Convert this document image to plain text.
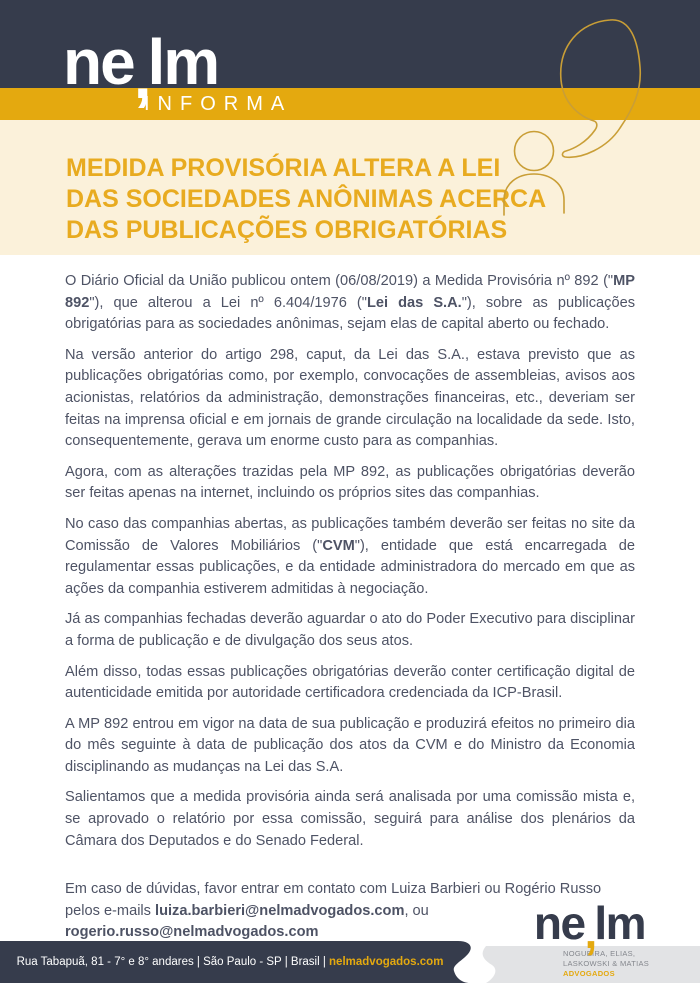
MEDIDA PROVISÓRIA ALTERA A LEI
DAS SOCIEDADES ANÔNIMAS ACERCA
DAS PUBLICAÇÕES OBRIGATÓRIAS
ne,lm
INFORMA

O Diário Oficial da União publicou ontem (06/08/2019) a Medida Provisória nº 892 ("MP 892"), que alterou a Lei nº 6.404/1976 ("Lei das S.A."), sobre as publicações obrigatórias para as sociedades anônimas, sejam elas de capital aberto ou fechado.

Na versão anterior do artigo 298, caput, da Lei das S.A., estava previsto que as publicações obrigatórias como, por exemplo, convocações de assembleias, avisos aos acionistas, relatórios da administração, demonstrações financeiras, etc., deveriam ser feitas na imprensa oficial e em jornais de grande circulação na localidade da sede. Isto, consequentemente, gerava um enorme custo para as companhias.

Agora, com as alterações trazidas pela MP 892, as publicações obrigatórias deverão ser feitas apenas na internet, incluindo os próprios sites das companhias.

No caso das companhias abertas, as publicações também deverão ser feitas no site da Comissão de Valores Mobiliários ("CVM"), entidade que está encarregada de regulamentar essas publicações, e da entidade administradora do mercado em que as ações da companhia estiverem admitidas à negociação.

Já as companhias fechadas deverão aguardar o ato do Poder Executivo para disciplinar a forma de publicação e de divulgação dos seus atos.

Além disso, todas essas publicações obrigatórias deverão conter certificação digital de autenticidade emitida por autoridade certificadora credenciada da ICP-Brasil.

A MP 892 entrou em vigor na data de sua publicação e produzirá efeitos no primeiro dia do mês seguinte à data de publicação dos atos da CVM e do Ministro da Economia disciplinando as mudanças na Lei das S.A.

Salientamos que a medida provisória ainda será analisada por uma comissão mista e, se aprovado o relatório por essa comissão, seguirá para análise dos plenários da Câmara dos Deputados e do Senado Federal.

Em caso de dúvidas, favor entrar em contato com Luiza Barbieri ou Rogério Russo pelos e-mails luiza.barbieri@nelmadvogados.com, ou rogerio.russo@nelmadvogados.com	ne,lm
Rua Tabapuã, 81 - 7° e 8° andares | São Paulo - SP | Brasil | nelmadvogados.com
NOGUEIRA, ELIAS,
LASKOWSKI & MATIAS
ADVOGADOS
